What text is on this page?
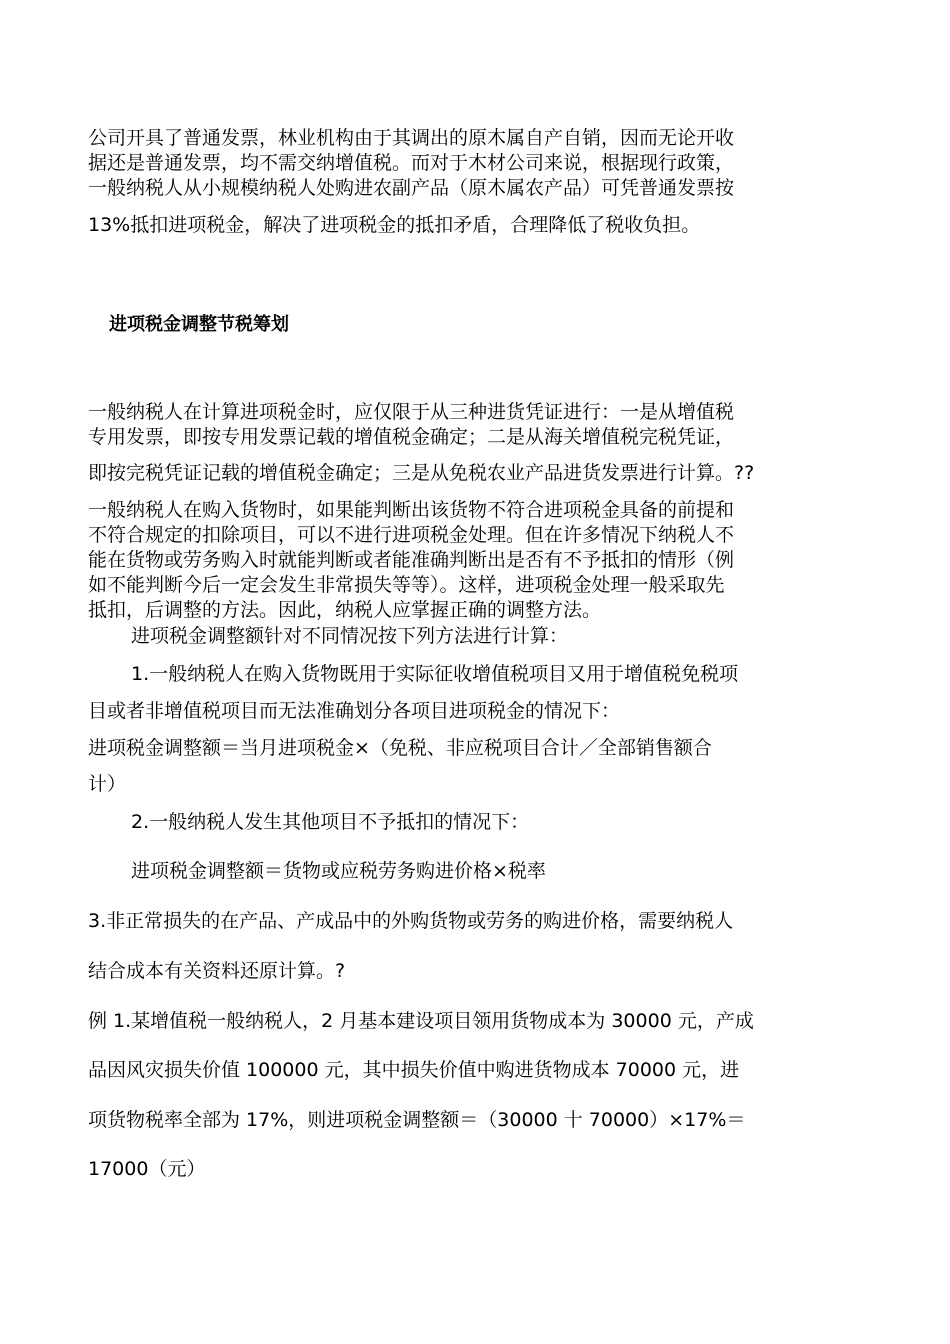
公司开具了普通发票，林业机构由于其调出的原木属自产自销，因而无论开收

据还是普通发票，均不需交纳增值税。而对于木材公司来说，根据现行政策，

一般纳税人从小规模纳税人处购进农副产品（原木属农产品）可凭普通发票按

13%抵扣进项税金，解决了进项税金的抵扣矛盾，合理降低了税收负担。

进项税金调整节税筹划

一般纳税人在计算进项税金时，应仅限于从三种进货凭证进行：一是从增值税

专用发票，即按专用发票记载的增值税金确定；二是从海关增值税完税凭证，

即按完税凭证记载的增值税金确定；三是从免税农业产品进货发票进行计算。??

一般纳税人在购入货物时，如果能判断出该货物不符合进项税金具备的前提和

不符合规定的扣除项目，可以不进行进项税金处理。但在许多情况下纳税人不

能在货物或劳务购入时就能判断或者能准确判断出是否有不予抵扣的情形（例

如不能判断今后一定会发生非常损失等等）。这样，进项税金处理一般采取先

抵扣，后调整的方法。因此，纳税人应掌握正确的调整方法。

进项税金调整额针对不同情况按下列方法进行计算：

1.一般纳税人在购入货物既用于实际征收增值税项目又用于增值税免税项

目或者非增值税项目而无法准确划分各项目进项税金的情况下：

进项税金调整额＝当月进项税金×（免税、非应税项目合计／全部销售额合

计）

2.一般纳税人发生其他项目不予抵扣的情况下：

进项税金调整额＝货物或应税劳务购进价格×税率

3.非正常损失的在产品、产成品中的外购货物或劳务的购进价格，需要纳税人

结合成本有关资料还原计算。?

例 1.某增值税一般纳税人，2 月基本建设项目领用货物成本为 30000 元，产成

品因风灾损失价值 100000 元，其中损失价值中购进货物成本 70000 元，进

项货物税率全部为 17%，则进项税金调整额＝（30000 十 70000）×17%＝

17000（元）
